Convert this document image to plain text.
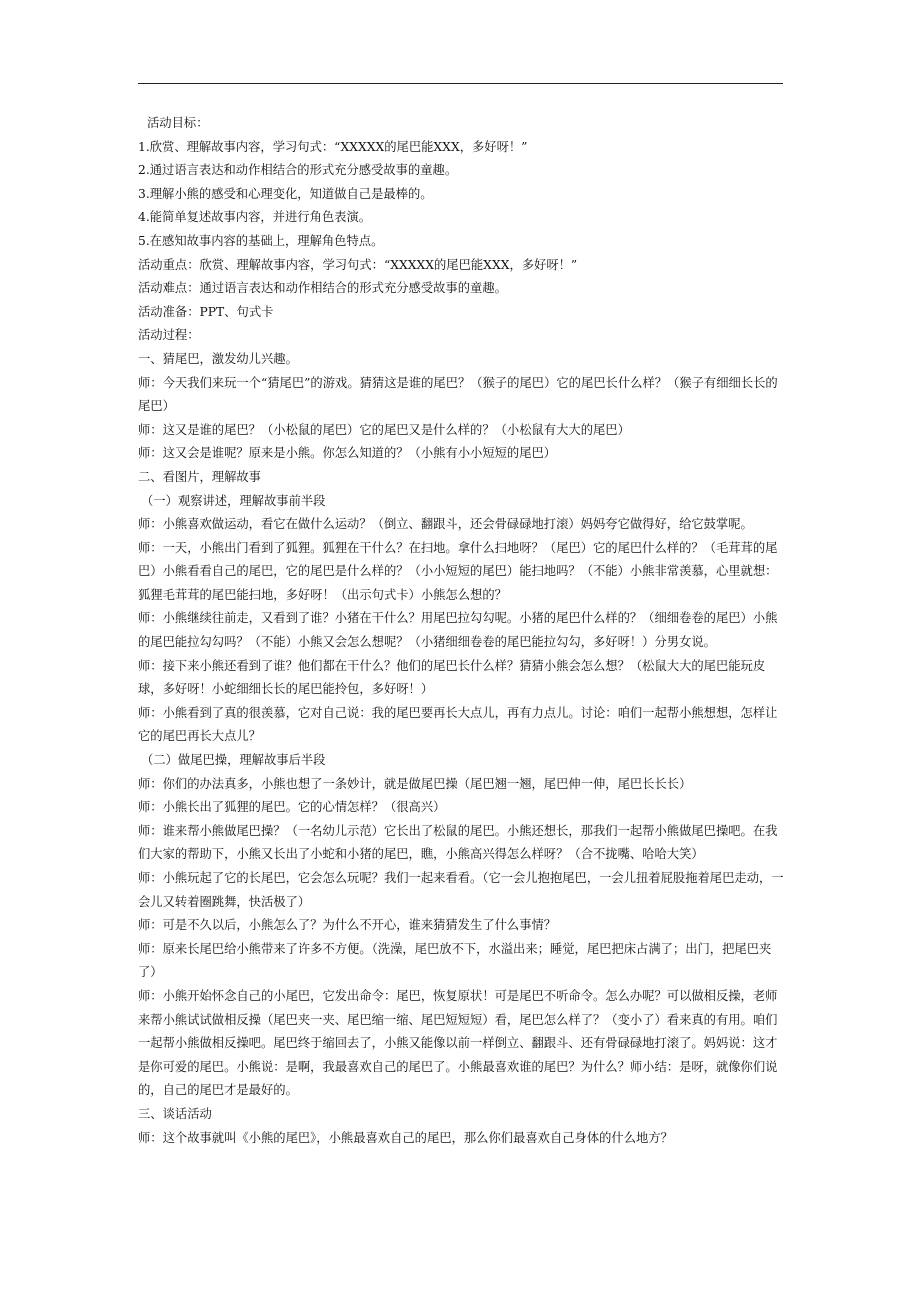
活动目标：

1.欣赏、理解故事内容，学习句式：“XXXXX的尾巴能XXX，多好呀！”

2.通过语言表达和动作相结合的形式充分感受故事的童趣。

3.理解小熊的感受和心理变化，知道做自己是最棒的。

4.能简单复述故事内容，并进行角色表演。

5.在感知故事内容的基础上，理解角色特点。

活动重点：欣赏、理解故事内容，学习句式：“XXXXX的尾巴能XXX，多好呀！”

活动难点：通过语言表达和动作相结合的形式充分感受故事的童趣。

活动准备：PPT、句式卡

活动过程：

一、猜尾巴，激发幼儿兴趣。

师：今天我们来玩一个“猜尾巴”的游戏。猜猜这是谁的尾巴？（猴子的尾巴）它的尾巴长什么样？（猴子有细细长长的尾巴）

师：这又是谁的尾巴？（小松鼠的尾巴）它的尾巴又是什么样的？（小松鼠有大大的尾巴）

师：这又会是谁呢？原来是小熊。你怎么知道的？（小熊有小小短短的尾巴）

二、看图片，理解故事

（一）观察讲述，理解故事前半段

师：小熊喜欢做运动，看它在做什么运动？（倒立、翻跟斗，还会骨碌碌地打滚）妈妈夸它做得好，给它鼓掌呢。

师：一天，小熊出门看到了狐狸。狐狸在干什么？在扫地。拿什么扫地呀？（尾巴）它的尾巴什么样的？（毛茸茸的尾巴）小熊看看自己的尾巴，它的尾巴是什么样的？（小小短短的尾巴）能扫地吗？（不能）小熊非常羡慕，心里就想：狐狸毛茸茸的尾巴能扫地，多好呀！（出示句式卡）小熊怎么想的？

师：小熊继续往前走，又看到了谁？小猪在干什么？用尾巴拉勾勾呢。小猪的尾巴什么样的？（细细卷卷的尾巴）小熊的尾巴能拉勾勾吗？（不能）小熊又会怎么想呢？（小猪细细卷卷的尾巴能拉勾勾，多好呀！）分男女说。

师：接下来小熊还看到了谁？他们都在干什么？他们的尾巴长什么样？猜猜小熊会怎么想？（松鼠大大的尾巴能玩皮球，多好呀！小蛇细细长长的尾巴能拎包，多好呀！）

师：小熊看到了真的很羡慕，它对自己说：我的尾巴要再长大点儿，再有力点儿。讨论：咱们一起帮小熊想想，怎样让它的尾巴再长大点儿？

（二）做尾巴操，理解故事后半段

师：你们的办法真多，小熊也想了一条妙计，就是做尾巴操（尾巴翘一翘，尾巴伸一伸，尾巴长长长）

师：小熊长出了狐狸的尾巴。它的心情怎样？（很高兴）

师：谁来帮小熊做尾巴操？（一名幼儿示范）它长出了松鼠的尾巴。小熊还想长，那我们一起帮小熊做尾巴操吧。在我们大家的帮助下，小熊又长出了小蛇和小猪的尾巴，瞧，小熊高兴得怎么样呀？（合不拢嘴、哈哈大笑）

师：小熊玩起了它的长尾巴，它会怎么玩呢？我们一起来看看。（它一会儿抱抱尾巴，一会儿扭着屁股拖着尾巴走动，一会儿又转着圈跳舞，快活极了）

师：可是不久以后，小熊怎么了？为什么不开心，谁来猜猜发生了什么事情？

师：原来长尾巴给小熊带来了许多不方便。（洗澡，尾巴放不下，水溢出来；睡觉，尾巴把床占满了；出门，把尾巴夹了）

师：小熊开始怀念自己的小尾巴，它发出命令：尾巴，恢复原状！可是尾巴不听命令。怎么办呢？可以做相反操，老师来帮小熊试试做相反操（尾巴夹一夹、尾巴缩一缩、尾巴短短短）看，尾巴怎么样了？（变小了）看来真的有用。咱们一起帮小熊做相反操吧。尾巴终于缩回去了，小熊又能像以前一样倒立、翻跟斗、还有骨碌碌地打滚了。妈妈说：这才是你可爱的尾巴。小熊说：是啊，我最喜欢自己的尾巴了。小熊最喜欢谁的尾巴？为什么？师小结：是呀，就像你们说的，自己的尾巴才是最好的。

三、谈话活动

师：这个故事就叫《小熊的尾巴》，小熊最喜欢自己的尾巴，那么你们最喜欢自己身体的什么地方？
